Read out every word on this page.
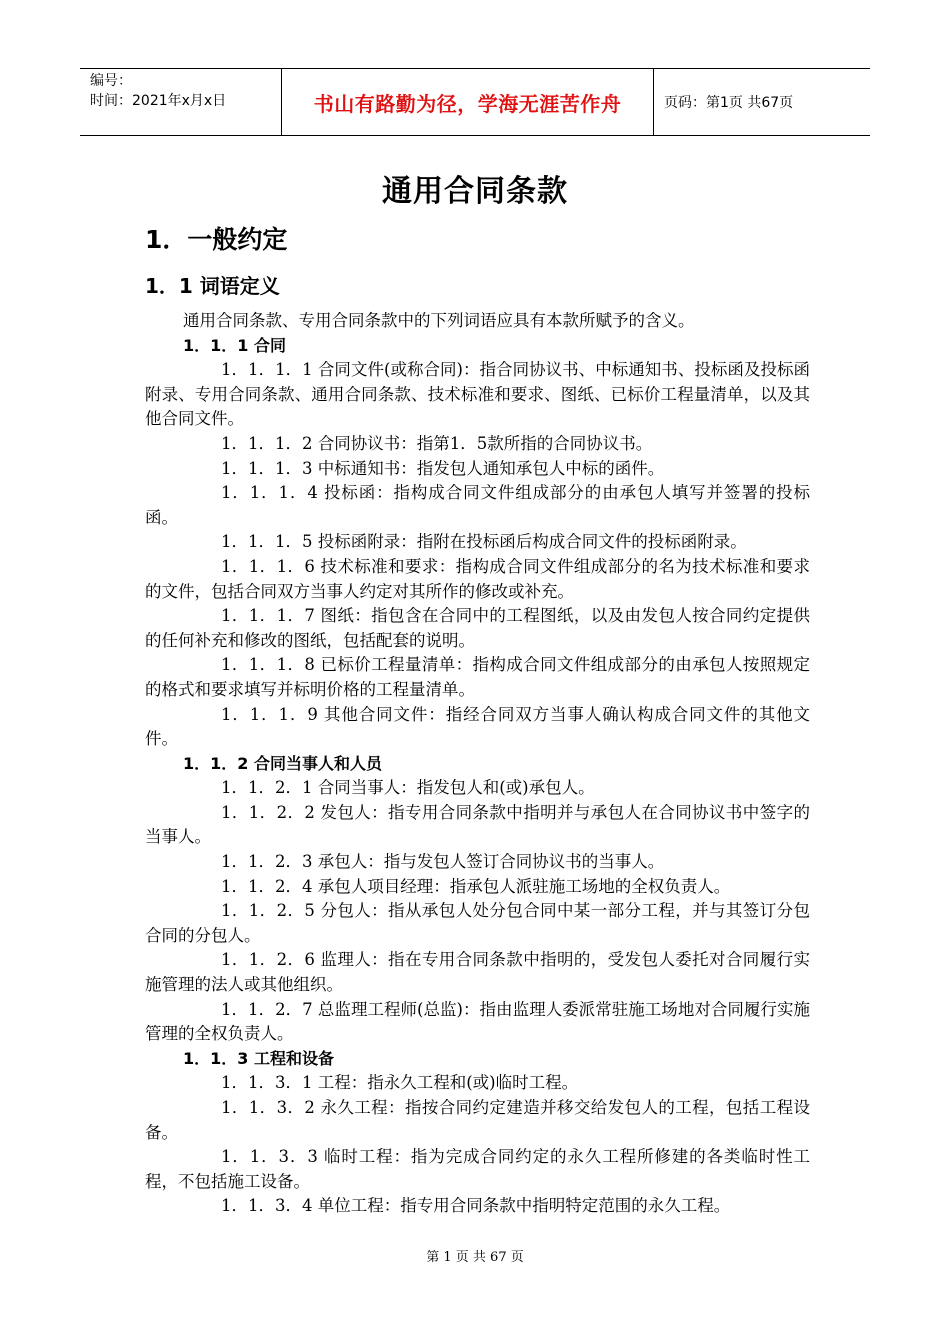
编号：
时间：2021年x月x日	书山有路勤为径，学海无涯苦作舟	页码：第1页 共67页
通用合同条款
1．一般约定
1．1 词语定义

通用合同条款、专用合同条款中的下列词语应具有本款所赋予的含义。

1．1．1 合同

1．1．1．1 合同文件(或称合同)：指合同协议书、中标通知书、投标函及投标函附录、专用合同条款、通用合同条款、技术标准和要求、图纸、已标价工程量清单，以及其他合同文件。

1．1．1．2 合同协议书：指第1．5款所指的合同协议书。

1．1．1．3 中标通知书：指发包人通知承包人中标的函件。

1．1．1．4 投标函：指构成合同文件组成部分的由承包人填写并签署的投标函。

1．1．1．5 投标函附录：指附在投标函后构成合同文件的投标函附录。

1．1．1．6 技术标准和要求：指构成合同文件组成部分的名为技术标准和要求的文件，包括合同双方当事人约定对其所作的修改或补充。

1．1．1．7 图纸：指包含在合同中的工程图纸，以及由发包人按合同约定提供的任何补充和修改的图纸，包括配套的说明。

1．1．1．8 已标价工程量清单：指构成合同文件组成部分的由承包人按照规定的格式和要求填写并标明价格的工程量清单。

1．1．1．9 其他合同文件：指经合同双方当事人确认构成合同文件的其他文件。

1．1．2 合同当事人和人员

1．1．2．1 合同当事人：指发包人和(或)承包人。

1．1．2．2 发包人：指专用合同条款中指明并与承包人在合同协议书中签字的当事人。

1．1．2．3 承包人：指与发包人签订合同协议书的当事人。

1．1．2．4 承包人项目经理：指承包人派驻施工场地的全权负责人。

1．1．2．5 分包人：指从承包人处分包合同中某一部分工程，并与其签订分包合同的分包人。

1．1．2．6 监理人：指在专用合同条款中指明的，受发包人委托对合同履行实施管理的法人或其他组织。

1．1．2．7 总监理工程师(总监)：指由监理人委派常驻施工场地对合同履行实施管理的全权负责人。

1．1．3 工程和设备

1．1．3．1 工程：指永久工程和(或)临时工程。

1．1．3．2 永久工程：指按合同约定建造并移交给发包人的工程，包括工程设备。

1．1．3．3 临时工程：指为完成合同约定的永久工程所修建的各类临时性工程，不包括施工设备。

1．1．3．4 单位工程：指专用合同条款中指明特定范围的永久工程。

第 1 页 共 67 页
